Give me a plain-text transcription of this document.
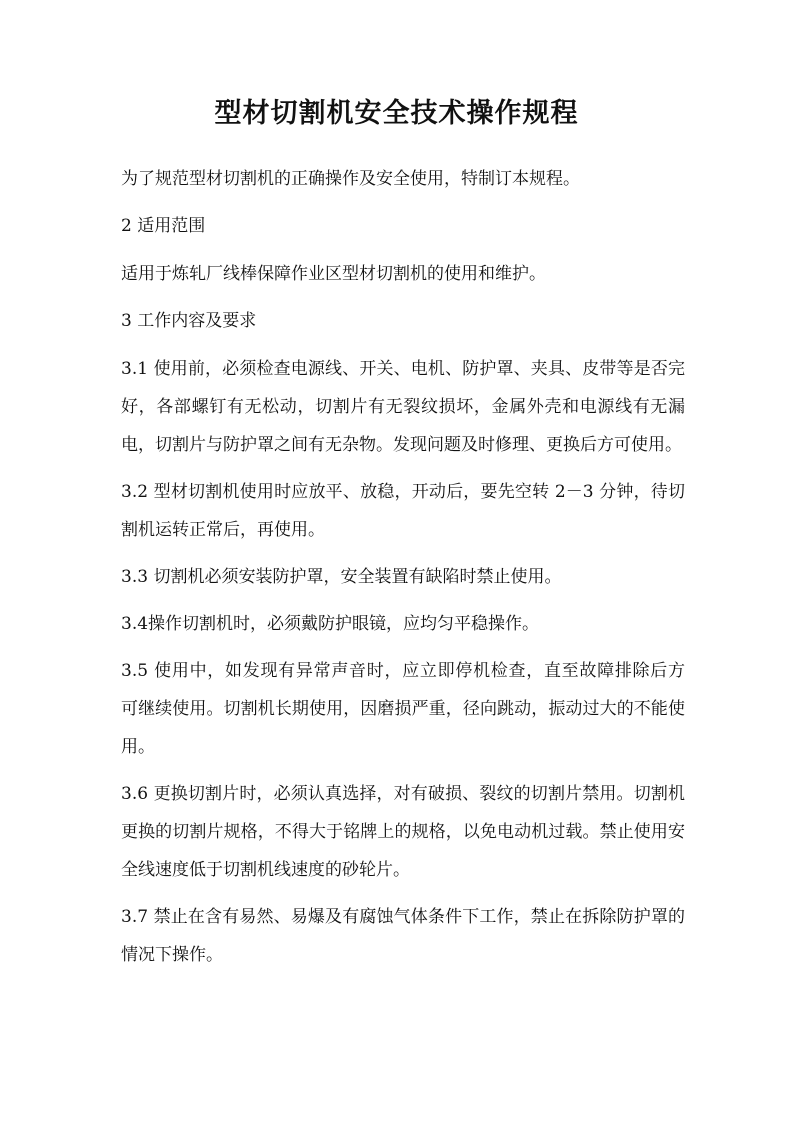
型材切割机安全技术操作规程

为了规范型材切割机的正确操作及安全使用，特制订本规程。

2 适用范围

适用于炼轧厂线棒保障作业区型材切割机的使用和维护。

3 工作内容及要求

3.1 使用前，必须检查电源线、开关、电机、防护罩、夹具、皮带等是否完好，各部螺钉有无松动，切割片有无裂纹损坏，金属外壳和电源线有无漏电，切割片与防护罩之间有无杂物。发现问题及时修理、更换后方可使用。

3.2 型材切割机使用时应放平、放稳，开动后，要先空转 2－3 分钟，待切割机运转正常后，再使用。

3.3 切割机必须安装防护罩，安全装置有缺陷时禁止使用。

3.4操作切割机时，必须戴防护眼镜，应均匀平稳操作。

3.5 使用中，如发现有异常声音时，应立即停机检查，直至故障排除后方 可继续使用。切割机长期使用，因磨损严重，径向跳动，振动过大的不能使用。

3.6 更换切割片时，必须认真选择，对有破损、裂纹的切割片禁用。切割机更换的切割片规格，不得大于铭牌上的规格，以免电动机过载。禁止使用安全线速度低于切割机线速度的砂轮片。

3.7 禁止在含有易然、易爆及有腐蚀气体条件下工作，禁止在拆除防护罩的情况下操作。
